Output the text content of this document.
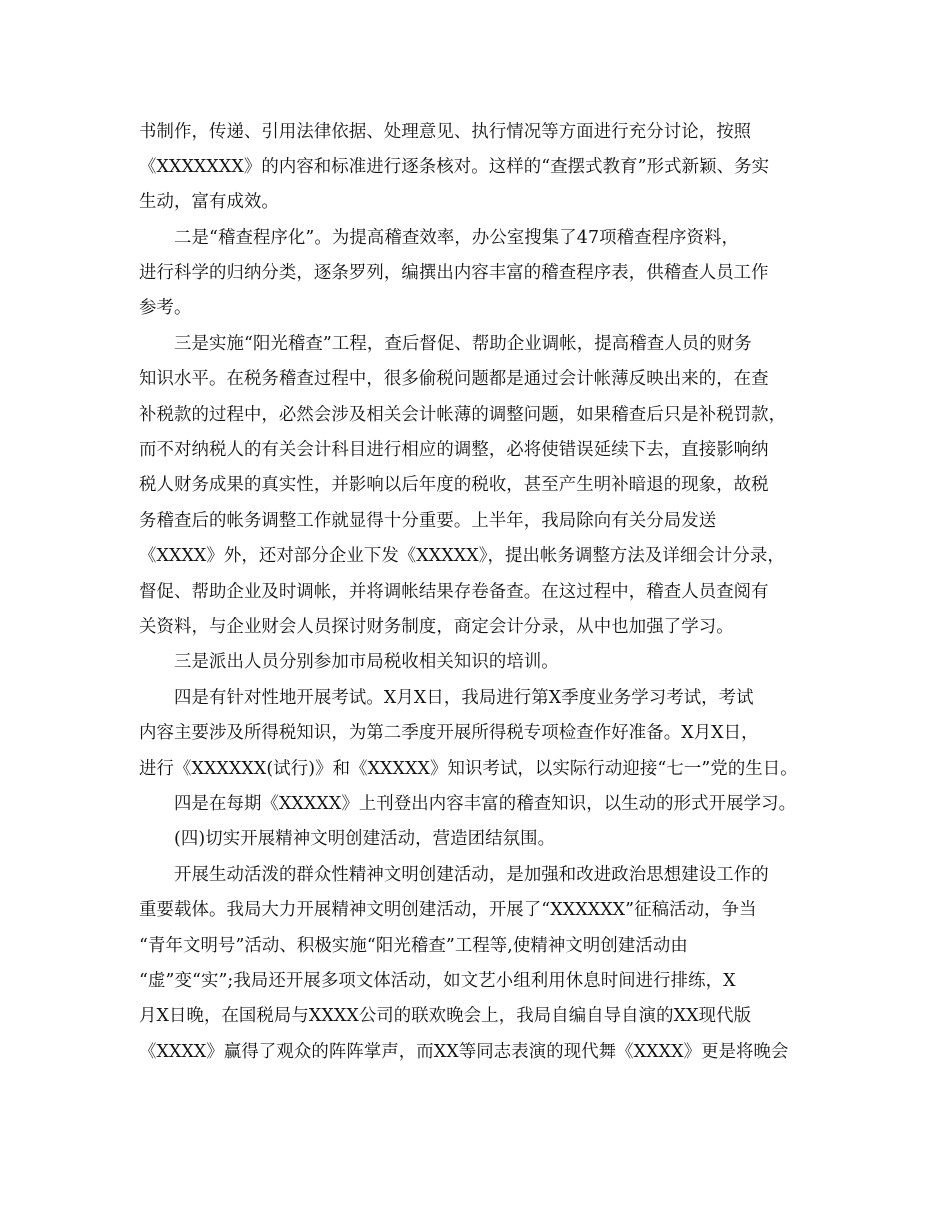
书制作，传递、引用法律依据、处理意见、执行情况等方面进行充分讨论，按照
《XXXXXXX》的内容和标准进行逐条核对。这样的“查摆式教育”形式新颖、务实
生动，富有成效。
二是“稽查程序化”。为提高稽查效率，办公室搜集了47项稽查程序资料，
进行科学的归纳分类，逐条罗列，编撰出内容丰富的稽查程序表，供稽查人员工作
参考。
三是实施“阳光稽查”工程，查后督促、帮助企业调帐，提高稽查人员的财务
知识水平。在税务稽查过程中，很多偷税问题都是通过会计帐薄反映出来的，在查
补税款的过程中，必然会涉及相关会计帐薄的调整问题，如果稽查后只是补税罚款，
而不对纳税人的有关会计科目进行相应的调整，必将使错误延续下去，直接影响纳
税人财务成果的真实性，并影响以后年度的税收，甚至产生明补暗退的现象，故税
务稽查后的帐务调整工作就显得十分重要。上半年，我局除向有关分局发送
《XXXX》外，还对部分企业下发《XXXXX》，提出帐务调整方法及详细会计分录，
督促、帮助企业及时调帐，并将调帐结果存卷备查。在这过程中，稽查人员查阅有
关资料，与企业财会人员探讨财务制度，商定会计分录，从中也加强了学习。
三是派出人员分别参加市局税收相关知识的培训。
四是有针对性地开展考试。X月X日，我局进行第X季度业务学习考试，考试
内容主要涉及所得税知识，为第二季度开展所得税专项检查作好准备。X月X日，
进行《XXXXXX(试行)》和《XXXXX》知识考试，以实际行动迎接“七一”党的生日。
四是在每期《XXXXX》上刊登出内容丰富的稽查知识，以生动的形式开展学习。
(四)切实开展精神文明创建活动，营造团结氛围。
开展生动活泼的群众性精神文明创建活动，是加强和改进政治思想建设工作的
重要载体。我局大力开展精神文明创建活动，开展了“XXXXXX”征稿活动，争当
“青年文明号”活动、积极实施“阳光稽查”工程等,使精神文明创建活动由
“虚”变“实”;我局还开展多项文体活动，如文艺小组利用休息时间进行排练，X
月X日晚，在国税局与XXXX公司的联欢晚会上，我局自编自导自演的XX现代版
《XXXX》赢得了观众的阵阵掌声，而XX等同志表演的现代舞《XXXX》更是将晚会
